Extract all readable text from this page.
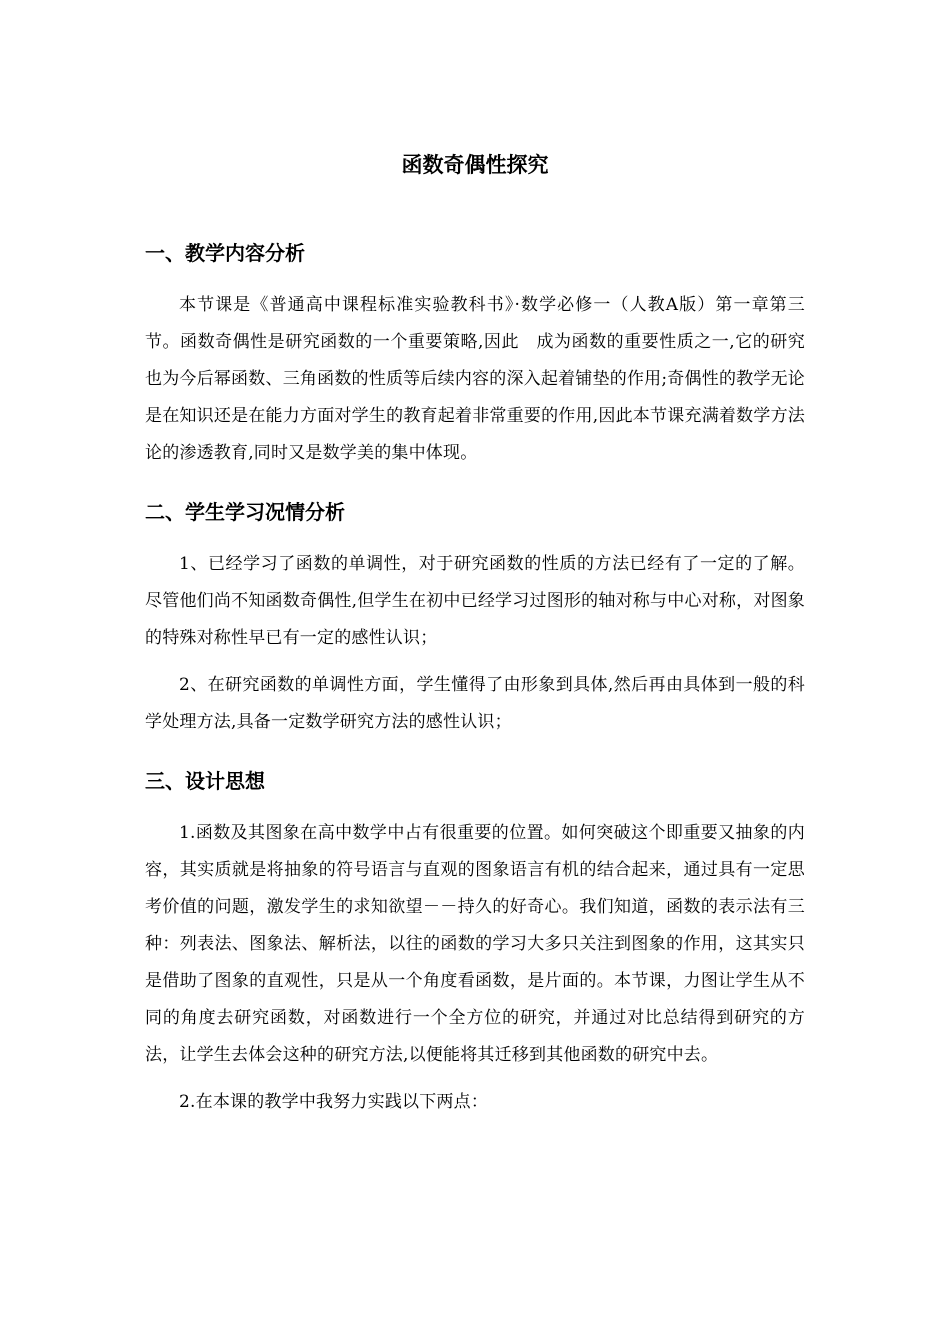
函数奇偶性探究
一、教学内容分析

本节课是《普通高中课程标准实验教科书》·数学必修一（人教A版）第一章第三节。函数奇偶性是研究函数的一个重要策略,因此　成为函数的重要性质之一,它的研究也为今后幂函数、三角函数的性质等后续内容的深入起着铺垫的作用;奇偶性的教学无论是在知识还是在能力方面对学生的教育起着非常重要的作用,因此本节课充满着数学方法论的渗透教育,同时又是数学美的集中体现。

二、学生学习况情分析

1、已经学习了函数的单调性，对于研究函数的性质的方法已经有了一定的了解。尽管他们尚不知函数奇偶性,但学生在初中已经学习过图形的轴对称与中心对称，对图象的特殊对称性早已有一定的感性认识；

2、在研究函数的单调性方面，学生懂得了由形象到具体,然后再由具体到一般的科学处理方法,具备一定数学研究方法的感性认识；

三、设计思想

1.函数及其图象在高中数学中占有很重要的位置。如何突破这个即重要又抽象的内容，其实质就是将抽象的符号语言与直观的图象语言有机的结合起来，通过具有一定思考价值的问题，激发学生的求知欲望－－持久的好奇心。我们知道，函数的表示法有三种：列表法、图象法、解析法，以往的函数的学习大多只关注到图象的作用，这其实只是借助了图象的直观性，只是从一个角度看函数，是片面的。本节课，力图让学生从不同的角度去研究函数，对函数进行一个全方位的研究，并通过对比总结得到研究的方法，让学生去体会这种的研究方法,以便能将其迁移到其他函数的研究中去。

2.在本课的教学中我努力实践以下两点：
